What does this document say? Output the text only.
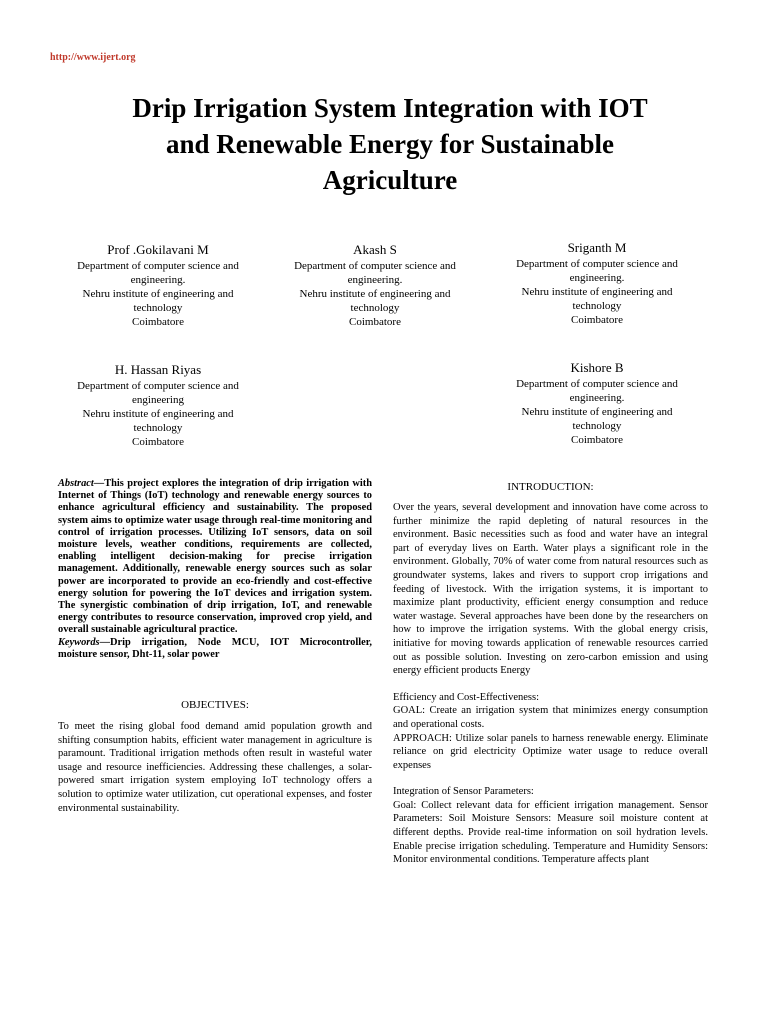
http://www.ijert.org
Drip Irrigation System Integration with IOT
and Renewable Energy for Sustainable
Agriculture
Prof .Gokilavani M
Department of computer science and
engineering.
Nehru institute of engineering and
technology
Coimbatore
Akash S
Department of computer science and
engineering.
Nehru institute of engineering and
technology
Coimbatore
Sriganth M
Department of computer science and
engineering.
Nehru institute of engineering and
technology
Coimbatore
H. Hassan Riyas
Department of computer science and
engineering
Nehru institute of engineering and
technology
Coimbatore
Kishore B
Department of computer science and
engineering.
Nehru institute of engineering and
technology
Coimbatore
Abstract—This project explores the integration of drip irrigation with Internet of Things (IoT) technology and renewable energy sources to enhance agricultural efficiency and sustainability. The proposed system aims to optimize water usage through real-time monitoring and control of irrigation processes. Utilizing IoT sensors, data on soil moisture levels, weather conditions, requirements are collected, enabling intelligent decision-making for precise irrigation management. Additionally, renewable energy sources such as solar power are incorporated to provide an eco-friendly and cost-effective energy solution for powering the IoT devices and irrigation system. The synergistic combination of drip irrigation, IoT, and renewable energy contributes to resource conservation, improved crop yield, and overall sustainable agricultural practice.
Keywords—Drip irrigation, Node MCU, IOT Microcontroller, moisture sensor, Dht-11, solar power
OBJECTIVES:
To meet the rising global food demand amid population growth and shifting consumption habits, efficient water management in agriculture is paramount. Traditional irrigation methods often result in wasteful water usage and resource inefficiencies. Addressing these challenges, a solar-powered smart irrigation system employing IoT technology offers a solution to optimize water utilization, cut operational expenses, and foster environmental sustainability.
INTRODUCTION:
Over the years, several development and innovation have come across to further minimize the rapid depleting of natural resources in the environment. Basic necessities such as food and water have an integral part of everyday lives on Earth. Water plays a significant role in the environment. Globally, 70% of water come from natural resources such as groundwater systems, lakes and rivers to support crop irrigations and feeding of livestock. With the irrigation systems, it is important to maximize plant productivity, efficient energy consumption and reduce water wastage. Several approaches have been done by the researchers on how to improve the irrigation systems. With the global energy crisis, initiative for moving towards application of renewable resources carried out as possible solution. Investing on zero-carbon emission and using energy efficient products Energy
Efficiency and Cost-Effectiveness:
GOAL: Create an irrigation system that minimizes energy consumption and operational costs.
APPROACH: Utilize solar panels to harness renewable energy. Eliminate reliance on grid electricity Optimize water usage to reduce overall expenses
Integration of Sensor Parameters:
Goal: Collect relevant data for efficient irrigation management. Sensor Parameters: Soil Moisture Sensors: Measure soil moisture content at different depths. Provide real-time information on soil hydration levels. Enable precise irrigation scheduling. Temperature and Humidity Sensors: Monitor environmental conditions. Temperature affects plant
